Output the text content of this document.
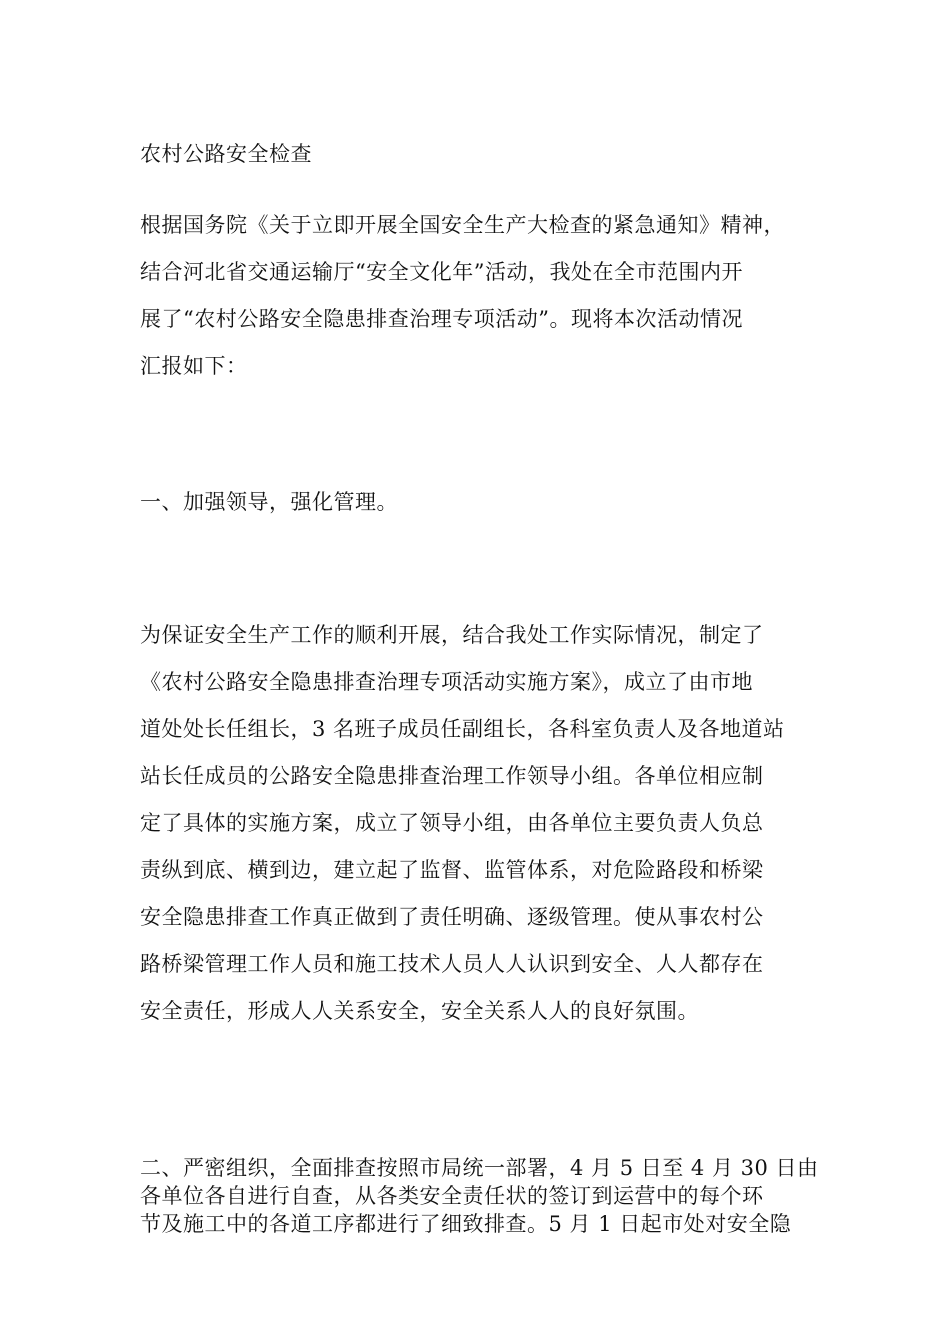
农村公路安全检查
根据国务院《关于立即开展全国安全生产大检查的紧急通知》精神，
结合河北省交通运输厅“安全文化年”活动，我处在全市范围内开
展了“农村公路安全隐患排查治理专项活动”。现将本次活动情况
汇报如下：
一、加强领导，强化管理。
为保证安全生产工作的顺利开展，结合我处工作实际情况，制定了
《农村公路安全隐患排查治理专项活动实施方案》，成立了由市地
道处处长任组长，3 名班子成员任副组长，各科室负责人及各地道站
站长任成员的公路安全隐患排查治理工作领导小组。各单位相应制
定了具体的实施方案，成立了领导小组，由各单位主要负责人负总
责纵到底、横到边，建立起了监督、监管体系，对危险路段和桥梁
安全隐患排查工作真正做到了责任明确、逐级管理。使从事农村公
路桥梁管理工作人员和施工技术人员人人认识到安全、人人都存在
安全责任，形成人人关系安全，安全关系人人的良好氛围。
二、严密组织，全面排查按照市局统一部署，4 月 5 日至 4 月 30 日由
各单位各自进行自查，从各类安全责任状的签订到运营中的每个环
节及施工中的各道工序都进行了细致排查。5 月 1 日起市处对安全隐
